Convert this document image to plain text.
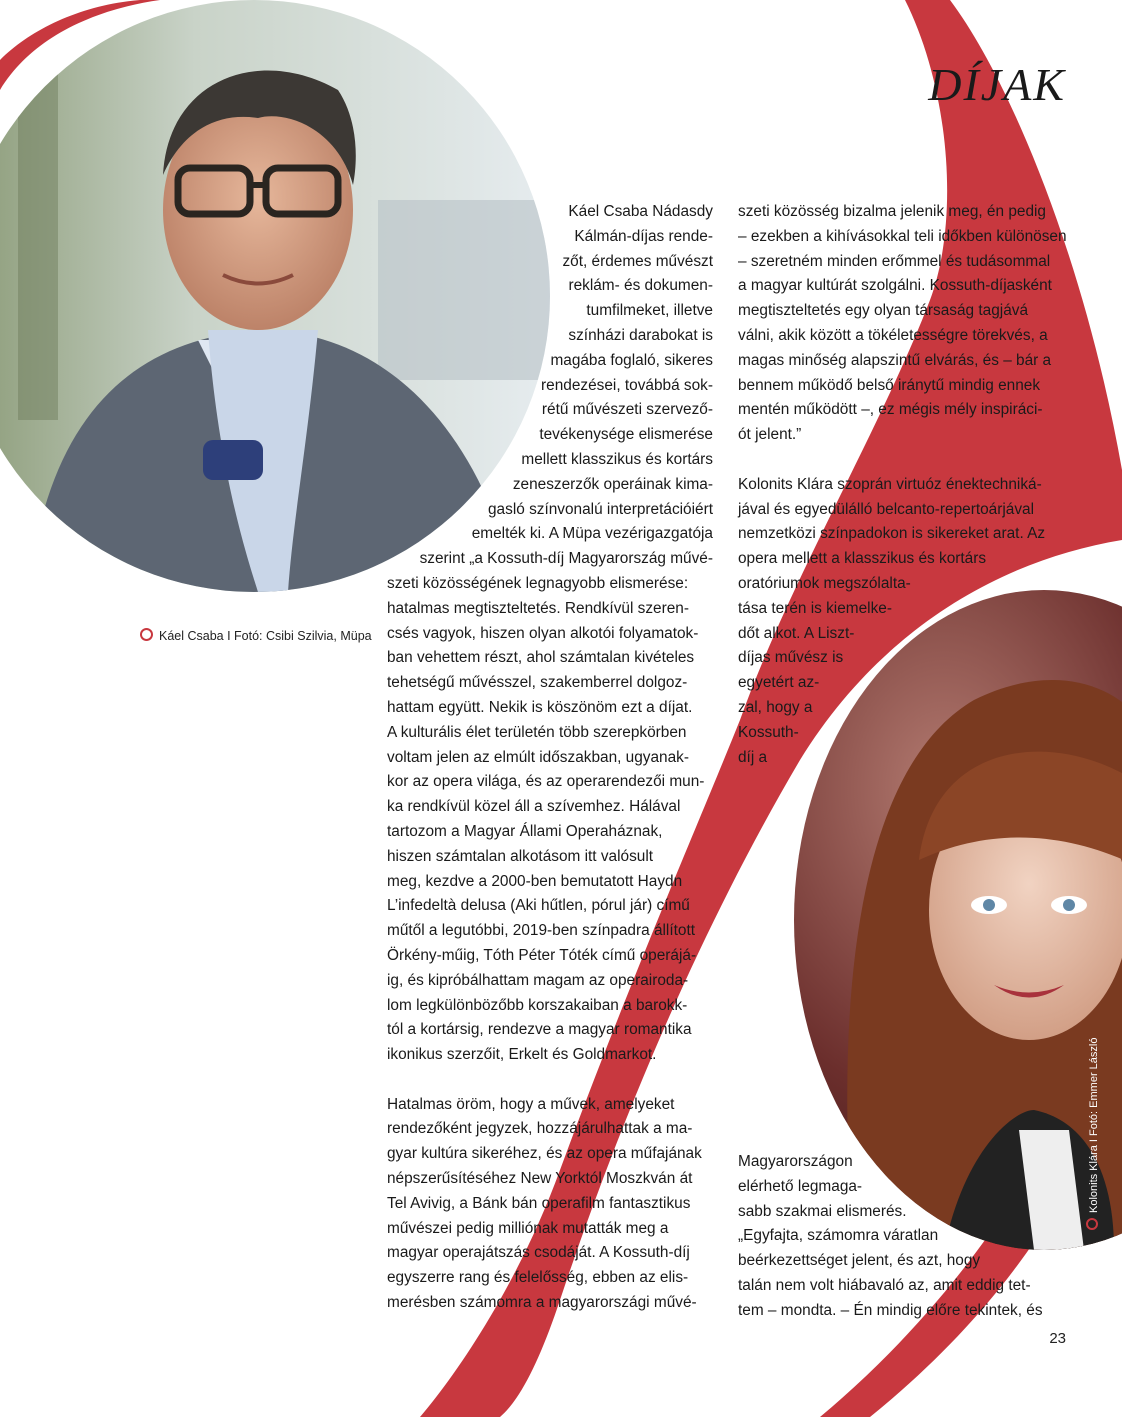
DÍJAK
Káel Csaba I Fotó: Csibi Szilvia, Müpa
Kolonits Klára I Fotó: Emmer László
Káel Csaba Nádasdy
Kálmán-díjas rende-
zőt, érdemes művészt
reklám- és dokumen-
tumfilmeket, illetve
színházi darabokat is
magába foglaló, sikeres
rendezései, továbbá sok-
rétű művészeti szervező-
tevékenysége elismerése
mellett klasszikus és kortárs
zeneszerzők operáinak kima-
gasló színvonalú interpretációiért
emelték ki. A Müpa vezérigazgatója
szerint „a Kossuth-díj Magyarország művé-
szeti közösségének legnagyobb elismerése:
hatalmas megtiszteltetés. Rendkívül szeren-
csés vagyok, hiszen olyan alkotói folyamatok-
ban vehettem részt, ahol számtalan kivételes
tehetségű művésszel, szakemberrel dolgoz-
hattam együtt. Nekik is köszönöm ezt a díjat.
A kulturális élet területén több szerepkörben
voltam jelen az elmúlt időszakban, ugyanak-
kor az opera világa, és az operarendezői mun-
ka rendkívül közel áll a szívemhez. Hálával
tartozom a Magyar Állami Operaháznak,
hiszen számtalan alkotásom itt valósult
meg, kezdve a 2000-ben bemutatott Haydn
L’infedeltà delusa (Aki hűtlen, pórul jár) című
műtől a legutóbbi, 2019-ben színpadra állított
Örkény-műig, Tóth Péter Tóték című operájá-
ig, és kipróbálhattam magam az operairoda-
lom legkülönbözőbb korszakaiban a barokk-
tól a kortársig, rendezve a magyar romantika
ikonikus szerzőit, Erkelt és Goldmarkot.
Hatalmas öröm, hogy a művek, amelyeket
rendezőként jegyzek, hozzájárulhattak a ma-
gyar kultúra sikeréhez, és az opera műfajának
népszerűsítéséhez New Yorktól Moszkván át
Tel Avivig, a Bánk bán operafilm fantasztikus
művészei pedig milliónak mutatták meg a
magyar operajátszás csodáját. A Kossuth-díj
egyszerre rang és felelősség, ebben az elis-
merésben számomra a magyarországi művé-
szeti közösség bizalma jelenik meg, én pedig
– ezekben a kihívásokkal teli időkben különösen
– szeretném minden erőmmel és tudásommal
a magyar kultúrát szolgálni. Kossuth-díjasként
megtiszteltetés egy olyan társaság tagjává
válni, akik között a tökéletességre törekvés, a
magas minőség alapszintű elvárás, és – bár a
bennem működő belső iránytű mindig ennek
mentén működött –, ez mégis mély inspiráci-
ót jelent.”
Kolonits Klára szoprán virtuóz énektechniká-
jával és egyedülálló belcanto-repertoárjával
nemzetközi színpadokon is sikereket arat. Az
opera mellett a klasszikus és kortárs
oratóriumok megszólalta-
tása terén is kiemelke-
dőt alkot. A Liszt-
díjas művész is
egyetért az-
zal, hogy a
Kossuth-
díj a
Magyarországon
elérhető legmaga-
sabb szakmai elismerés.
„Egyfajta, számomra váratlan
beérkezettséget jelent, és azt, hogy
talán nem volt hiábavaló az, amit eddig tet-
tem – mondta. – Én mindig előre tekintek, és
23
